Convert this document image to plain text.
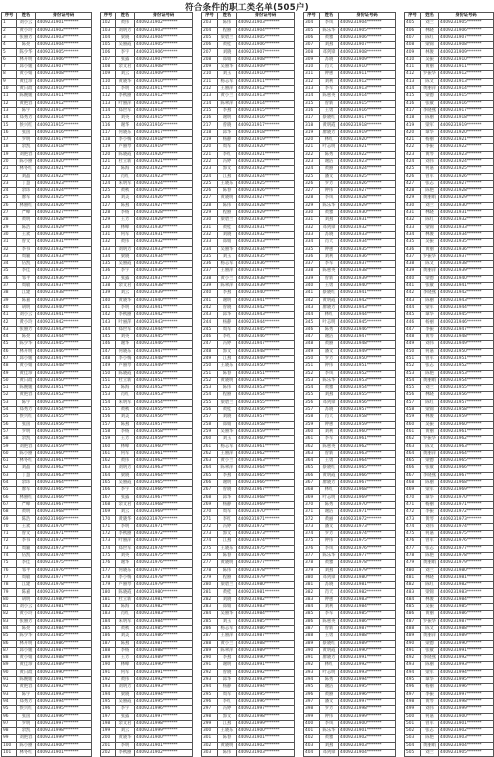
符合条件的职工类名单(505户)
序号	姓名	身份证号码
1	刘小云	4409231901*******
2	黄小玲	4409231902*******
3	张丽芳	4409231903*******
4	陈亮	4409231904*******
5	陈少华	4409231905*******
6	林开明	4409231906*******
7	邱小媛	4409231907*******
8	黄小娟	4409231908*******
9	黄佳珍	4409231909*******
10	黄日政	4409231910*******
11	陈婉媛	4409231911*******
12	黄艳容	4409231912*******
13	陈宇	4409231913*******
14	郑秀芳	4409231914*******
15	侯兴红	4409231915*******
16	张茵	4409231916*******
17	罗明	4409231917*******
18	余凯	4409231918*******
19	刘艳容	4409231919*******
20	陈小丽	4409231920*******
21	林冬红	4409231921*******
22	刘晶	4409231922*******
23	丁慧	4409231923*******
24	余玮	4409231924*******
25	廖军	4409231925*******
26	林丽红	4409231926*******
27	严峰	4409231927*******
28	黄明	4409231928*******
29	陈浩	4409231929*******
30	王欢	4409231930*******
31	曾文	4409231931*******
32	李书	4409231932*******
33	周颖	4409231933*******
34	伍凯	4409231934*******
35	李佳	4409231935*******
36	邹平	4409231936*******
37	周敏	4409231937*******
38	江建	4409231938*******
39	陈嘉	4409231939*******
40	胡明	4409231940*******
41	刘小云	4409231941*******
42	黄小玲	4409231942*******
43	张丽芳	4409231943*******
44	陈亮	4409231944*******
45	陈少华	4409231945*******
46	林开明	4409231946*******
47	邱小媛	4409231947*******
48	黄小娟	4409231948*******
49	黄佳珍	4409231949*******
50	黄日政	4409231950*******
51	陈婉媛	4409231951*******
52	黄艳容	4409231952*******
53	陈宇	4409231953*******
54	郑秀芳	4409231954*******
55	侯兴红	4409231955*******
56	张茵	4409231956*******
57	罗明	4409231957*******
58	余凯	4409231958*******
59	刘艳容	4409231959*******
60	陈小丽	4409231960*******
61	林冬红	4409231961*******
62	刘晶	4409231962*******
63	丁慧	4409231963*******
64	余玮	4409231964*******
65	廖军	4409231965*******
66	林丽红	4409231966*******
67	严峰	4409231967*******
68	黄明	4409231968*******
69	陈浩	4409231969*******
70	王欢	4409231970*******
71	曾文	4409231971*******
72	李书	4409231972*******
73	周颖	4409231973*******
74	伍凯	4409231974*******
75	李佳	4409231975*******
76	邹平	4409231976*******
77	周敏	4409231977*******
78	江建	4409231978*******
79	陈嘉	4409231979*******
80	胡明	4409231980*******
81	刘小云	4409231981*******
82	黄小玲	4409231982*******
83	张丽芳	4409231983*******
84	陈亮	4409231984*******
85	陈少华	4409231985*******
86	林开明	4409231986*******
87	邱小媛	4409231987*******
88	黄小娟	4409231988*******
89	黄佳珍	4409231989*******
90	黄日政	4409231990*******
91	陈婉媛	4409231991*******
92	黄艳容	4409231992*******
93	陈宇	4409231993*******
94	郑秀芳	4409231994*******
95	侯兴红	4409231995*******
96	张茵	4409231996*******
97	罗明	4409231997*******
98	余凯	4409231998*******
99	刘艳容	4409231999*******
100	陈小丽	4409231900*******
101	林冬红	4409231901*******
序号	姓名	身份证号码
102	黄伟	4409231902*******
103	刘明芳	4409231903*******
104	梁晓	4409231904*******
105	吴丽霞	4409231905*******
106	李宇	4409231906*******
107	张露	4409231907*******
108	余文君	4409231908*******
109	刘云	4409231909*******
110	黄晓华	4409231910*******
111	李明	4409231911*******
112	李秋丽	4409231912*******
113	叶丽萍	4409231913*******
114	郑世军	4409231914*******
115	刘英	4409231915*******
116	谢华	4409231916*******
117	何晓东	4409231917*******
118	李小梅	4409231918*******
119	卢丽琴	4409231919*******
120	陈晓霞	4409231920*******
121	杜立新	4409231921*******
122	陈海	4409231922*******
123	肖红	4409231923*******
124	朱明军	4409231924*******
125	黄秋	4409231925*******
126	刘美	4409231926*******
127	陈燕	4409231927*******
128	李杨	4409231928*******
129	王芳	4409231929*******
130	林峰	4409231930*******
131	何军	4409231931*******
132	黄伟	4409231932*******
133	刘明芳	4409231933*******
134	梁晓	4409231934*******
135	吴丽霞	4409231935*******
136	李宇	4409231936*******
137	张露	4409231937*******
138	余文君	4409231938*******
139	刘云	4409231939*******
140	黄晓华	4409231940*******
141	李明	4409231941*******
142	李秋丽	4409231942*******
143	叶丽萍	4409231943*******
144	郑世军	4409231944*******
145	刘英	4409231945*******
146	谢华	4409231946*******
147	何晓东	4409231947*******
148	李小梅	4409231948*******
149	卢丽琴	4409231949*******
150	陈晓霞	4409231950*******
151	杜立新	4409231951*******
152	陈海	4409231952*******
153	肖红	4409231953*******
154	朱明军	4409231954*******
155	黄秋	4409231955*******
156	刘美	4409231956*******
157	陈燕	4409231957*******
158	李杨	4409231958*******
159	王芳	4409231959*******
160	林峰	4409231960*******
161	何军	4409231961*******
162	黄伟	4409231962*******
163	刘明芳	4409231963*******
164	梁晓	4409231964*******
165	吴丽霞	4409231965*******
166	李宇	4409231966*******
167	张露	4409231967*******
168	余文君	4409231968*******
169	刘云	4409231969*******
170	黄晓华	4409231970*******
171	李明	4409231971*******
172	李秋丽	4409231972*******
173	叶丽萍	4409231973*******
174	郑世军	4409231974*******
175	刘英	4409231975*******
176	谢华	4409231976*******
177	何晓东	4409231977*******
178	李小梅	4409231978*******
179	卢丽琴	4409231979*******
180	陈晓霞	4409231980*******
181	杜立新	4409231981*******
182	陈海	4409231982*******
183	肖红	4409231983*******
184	朱明军	4409231984*******
185	黄秋	4409231985*******
186	刘美	4409231986*******
187	陈燕	4409231987*******
188	李杨	4409231988*******
189	王芳	4409231989*******
190	林峰	4409231990*******
191	何军	4409231991*******
192	黄伟	4409231992*******
193	刘明芳	4409231993*******
194	梁晓	4409231994*******
195	吴丽霞	4409231995*******
196	李宇	4409231996*******
197	张露	4409231997*******
198	余文君	4409231998*******
199	刘云	4409231999*******
200	黄晓华	4409231900*******
201	李明	4409231901*******
202	李秋丽	4409231902*******
序号	姓名	身份证号码
203	陈伟	4409231903*******
204	程丽	4409231904*******
205	梁碧兰	4409231905*******
206	黄桂	4409231906*******
207	刘晓	4409231907*******
208	郑娟	4409231908*******
209	吴丽华	4409231909*******
210	刘玉	4409231910*******
211	杨志军	4409231911*******
212	王丽萍	4409231912*******
213	黄小兰	4409231913*******
214	陈翠萍	4409231914*******
215	李燕	4409231915*******
216	谢明	4409231916*******
217	曾晓	4409231917*******
218	邱华	4409231918*******
219	杨静	4409231919*******
220	周军	4409231920*******
221	李红	4409231921*******
222	冯婷	4409231922*******
223	郭文	4409231923*******
224	江燕	4409231924*******
225	王晓东	4409231925*******
226	陈春	4409231926*******
227	黄晓明	4409231927*******
228	陈伟	4409231928*******
229	程丽	4409231929*******
230	梁碧兰	4409231930*******
231	黄桂	4409231931*******
232	刘晓	4409231932*******
233	郑娟	4409231933*******
234	吴丽华	4409231934*******
235	刘玉	4409231935*******
236	杨志军	4409231936*******
237	王丽萍	4409231937*******
238	黄小兰	4409231938*******
239	陈翠萍	4409231939*******
240	李燕	4409231940*******
241	谢明	4409231941*******
242	曾晓	4409231942*******
243	邱华	4409231943*******
244	杨静	4409231944*******
245	周军	4409231945*******
246	李红	4409231946*******
247	冯婷	4409231947*******
248	郭文	4409231948*******
249	江燕	4409231949*******
250	王晓东	4409231950*******
251	陈春	4409231951*******
252	黄晓明	4409231952*******
253	陈伟	4409231953*******
254	程丽	4409231954*******
255	梁碧兰	4409231955*******
256	黄桂	4409231956*******
257	刘晓	4409231957*******
258	郑娟	4409231958*******
259	吴丽华	4409231959*******
260	刘玉	4409231960*******
261	杨志军	4409231961*******
262	王丽萍	4409231962*******
263	黄小兰	4409231963*******
264	陈翠萍	4409231964*******
265	李燕	4409231965*******
266	谢明	4409231966*******
267	曾晓	4409231967*******
268	邱华	4409231968*******
269	杨静	4409231969*******
270	周军	4409231970*******
271	李红	4409231971*******
272	冯婷	4409231972*******
273	郭文	4409231973*******
274	江燕	4409231974*******
275	王晓东	4409231975*******
276	陈春	4409231976*******
277	黄晓明	4409231977*******
278	陈伟	4409231978*******
279	程丽	4409231979*******
280	梁碧兰	4409231980*******
281	黄桂	4409231981*******
282	刘晓	4409231982*******
283	郑娟	4409231983*******
284	吴丽华	4409231984*******
285	刘玉	4409231985*******
286	杨志军	4409231986*******
287	王丽萍	4409231987*******
288	黄小兰	4409231988*******
289	陈翠萍	4409231989*******
290	李燕	4409231990*******
291	谢明	4409231991*******
292	曾晓	4409231992*******
293	邱华	4409231993*******
294	杨静	4409231994*******
295	周军	4409231995*******
296	李红	4409231996*******
297	冯婷	4409231997*******
298	郭文	4409231998*******
299	江燕	4409231999*******
300	王晓东	4409231900*******
301	陈春	4409231901*******
302	黄晓明	4409231902*******
303	陈伟	4409231903*******
序号	姓名	身份证号码
304	李凤	4409231904*******
305	陈乐华	4409231905*******
306	黄雅	4409231906*******
307	刘燕	4409231907*******
308	邓剑锋	4409231908*******
309	苏晓	4409231909*******
310	肖天	4409231910*******
311	钟惠	4409231911*******
312	刘利	4409231912*******
313	李军	4409231913*******
314	陈惠英	4409231914*******
315	曾新	4409231915*******
316	王勇	4409231916*******
317	蔡晓红	4409231917*******
318	黄明霞	4409231918*******
319	廖晓芳	4409231919*******
320	林红	4409231920*******
321	叶志明	4409231921*******
322	陈秀	4409231922*******
323	谢洁	4409231923*******
324	黄丽	4409231924*******
325	潘文	4409231925*******
326	罗芳	4409231926*******
327	钟伟	4409231927*******
328	李凤	4409231928*******
329	陈乐华	4409231929*******
330	黄雅	4409231930*******
331	刘燕	4409231931*******
332	邓剑锋	4409231932*******
333	苏晓	4409231933*******
334	肖天	4409231934*******
335	钟惠	4409231935*******
336	刘利	4409231936*******
337	李军	4409231937*******
338	陈惠英	4409231938*******
339	曾新	4409231939*******
340	王勇	4409231940*******
341	蔡晓红	4409231941*******
342	黄明霞	4409231942*******
343	廖晓芳	4409231943*******
344	林红	4409231944*******
345	叶志明	4409231945*******
346	陈秀	4409231946*******
347	谢洁	4409231947*******
348	黄丽	4409231948*******
349	潘文	4409231949*******
350	罗芳	4409231950*******
351	钟伟	4409231951*******
352	李凤	4409231952*******
353	陈乐华	4409231953*******
354	黄雅	4409231954*******
355	刘燕	4409231955*******
356	邓剑锋	4409231956*******
357	苏晓	4409231957*******
358	肖天	4409231958*******
359	钟惠	4409231959*******
360	刘利	4409231960*******
361	李军	4409231961*******
362	陈惠英	4409231962*******
363	曾新	4409231963*******
364	王勇	4409231964*******
365	蔡晓红	4409231965*******
366	黄明霞	4409231966*******
367	廖晓芳	4409231967*******
368	林红	4409231968*******
369	叶志明	4409231969*******
370	陈秀	4409231970*******
371	谢洁	4409231971*******
372	黄丽	4409231972*******
373	潘文	4409231973*******
374	罗芳	4409231974*******
375	钟伟	4409231975*******
376	李凤	4409231976*******
377	陈乐华	4409231977*******
378	黄雅	4409231978*******
379	刘燕	4409231979*******
380	邓剑锋	4409231980*******
381	苏晓	4409231981*******
382	肖天	4409231982*******
383	钟惠	4409231983*******
384	刘利	4409231984*******
385	李军	4409231985*******
386	陈惠英	4409231986*******
387	曾新	4409231987*******
388	王勇	4409231988*******
389	蔡晓红	4409231989*******
390	黄明霞	4409231990*******
391	廖晓芳	4409231991*******
392	林红	4409231992*******
393	叶志明	4409231993*******
394	陈秀	4409231994*******
395	谢洁	4409231995*******
396	黄丽	4409231996*******
397	潘文	4409231997*******
398	罗芳	4409231998*******
399	钟伟	4409231999*******
400	李凤	4409231900*******
401	陈乐华	4409231901*******
402	黄雅	4409231902*******
403	刘燕	4409231903*******
404	邓剑锋	4409231904*******
序号	姓名	身份证号码
405	刘兰	4409231905*******
406	林晓	4409231906*******
407	陈红	4409231907*******
408	梁锦	4409231908*******
409	林俊	4409231909*******
410	吴振	4409231910*******
411	黄丽	4409231911*******
412	罗振华	4409231912*******
413	陈文	4409231913*******
414	黄丽萍	4409231914*******
415	梁德	4409231915*******
416	张敏	4409231916*******
417	李晓燕	4409231917*******
418	陈丽	4409231918*******
419	梁军	4409231919*******
420	谭华	4409231920*******
421	杨丽	4409231921*******
422	李振	4409231922*******
423	黄琴	4409231923*******
424	刘伟	4409231924*******
425	何嘉	4409231925*******
426	曾军	4409231926*******
427	张志	4409231927*******
428	陈艳	4409231928*******
429	黄丽娟	4409231929*******
430	刘兰	4409231930*******
431	林晓	4409231931*******
432	陈红	4409231932*******
433	梁锦	4409231933*******
434	林俊	4409231934*******
435	吴振	4409231935*******
436	黄丽	4409231936*******
437	罗振华	4409231937*******
438	陈文	4409231938*******
439	黄丽萍	4409231939*******
440	梁德	4409231940*******
441	张敏	4409231941*******
442	李晓燕	4409231942*******
443	陈丽	4409231943*******
444	梁军	4409231944*******
445	谭华	4409231945*******
446	杨丽	4409231946*******
447	李振	4409231947*******
448	黄琴	4409231948*******
449	刘伟	4409231949*******
450	何嘉	4409231950*******
451	曾军	4409231951*******
452	张志	4409231952*******
453	陈艳	4409231953*******
454	黄丽娟	4409231954*******
455	刘兰	4409231955*******
456	林晓	4409231956*******
457	陈红	4409231957*******
458	梁锦	4409231958*******
459	林俊	4409231959*******
460	吴振	4409231960*******
461	黄丽	4409231961*******
462	罗振华	4409231962*******
463	陈文	4409231963*******
464	黄丽萍	4409231964*******
465	梁德	4409231965*******
466	张敏	4409231966*******
467	李晓燕	4409231967*******
468	陈丽	4409231968*******
469	梁军	4409231969*******
470	谭华	4409231970*******
471	杨丽	4409231971*******
472	李振	4409231972*******
473	黄琴	4409231973*******
474	刘伟	4409231974*******
475	何嘉	4409231975*******
476	曾军	4409231976*******
477	张志	4409231977*******
478	陈艳	4409231978*******
479	黄丽娟	4409231979*******
480	刘兰	4409231980*******
481	林晓	4409231981*******
482	陈红	4409231982*******
483	梁锦	4409231983*******
484	林俊	4409231984*******
485	吴振	4409231985*******
486	黄丽	4409231986*******
487	罗振华	4409231987*******
488	陈文	4409231988*******
489	黄丽萍	4409231989*******
490	梁德	4409231990*******
491	张敏	4409231991*******
492	李晓燕	4409231992*******
493	陈丽	4409231993*******
494	梁军	4409231994*******
495	谭华	4409231995*******
496	杨丽	4409231996*******
497	李振	4409231997*******
498	黄琴	4409231998*******
499	刘伟	4409231999*******
500	何嘉	4409231900*******
501	曾军	4409231901*******
502	张志	4409231902*******
503	陈艳	4409231903*******
504	黄丽娟	4409231904*******
505	刘兰	4409231905*******
